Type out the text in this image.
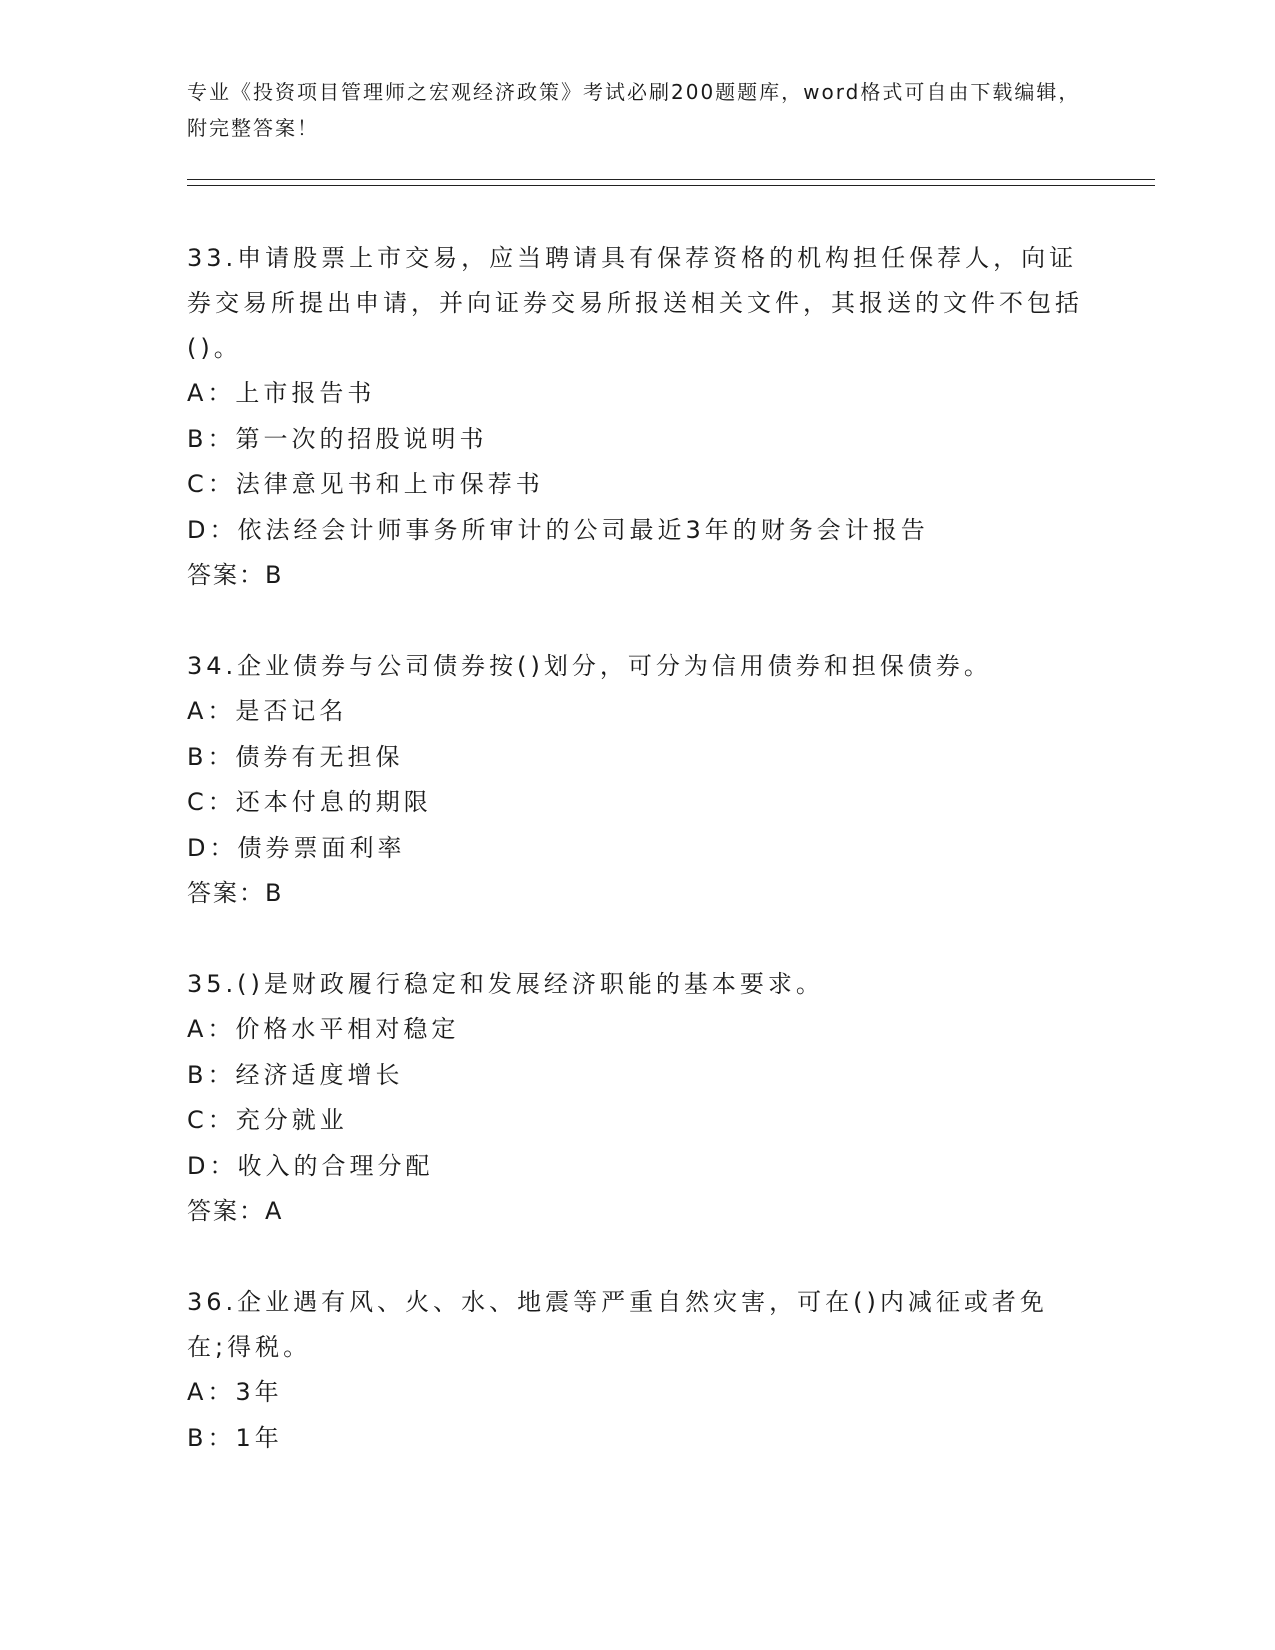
专业《投资项目管理师之宏观经济政策》考试必刷200题题库，word格式可自由下载编辑，附完整答案！
33.申请股票上市交易，应当聘请具有保荐资格的机构担任保荐人，向证券交易所提出申请，并向证券交易所报送相关文件，其报送的文件不包括()。
A：上市报告书
B：第一次的招股说明书
C：法律意见书和上市保荐书
D：依法经会计师事务所审计的公司最近3年的财务会计报告
答案：B
34.企业债券与公司债券按()划分，可分为信用债券和担保债券。
A：是否记名
B：债券有无担保
C：还本付息的期限
D：债券票面利率
答案：B
35.()是财政履行稳定和发展经济职能的基本要求。
A：价格水平相对稳定
B：经济适度增长
C：充分就业
D：收入的合理分配
答案：A
36.企业遇有风、火、水、地震等严重自然灾害，可在()内减征或者免在;得税。
A：3年
B：1年
